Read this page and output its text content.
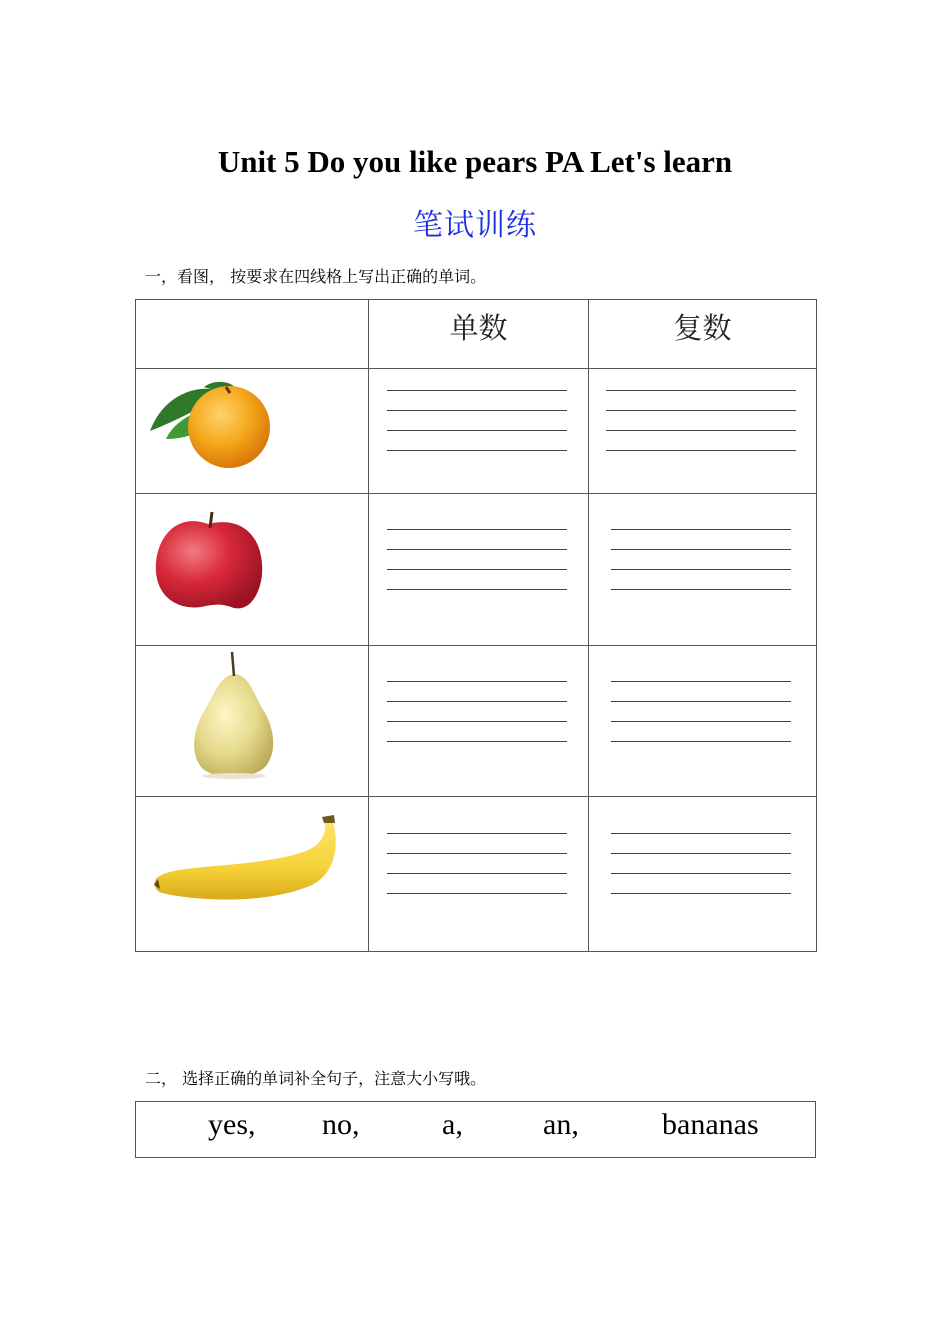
Unit 5 Do you like pears PA Let's learn
笔试训练
一，看图， 按要求在四线格上写出正确的单词。
	单数	复数

二， 选择正确的单词补全句子，注意大小写哦。
yes, no,	a,	an,	bananas
